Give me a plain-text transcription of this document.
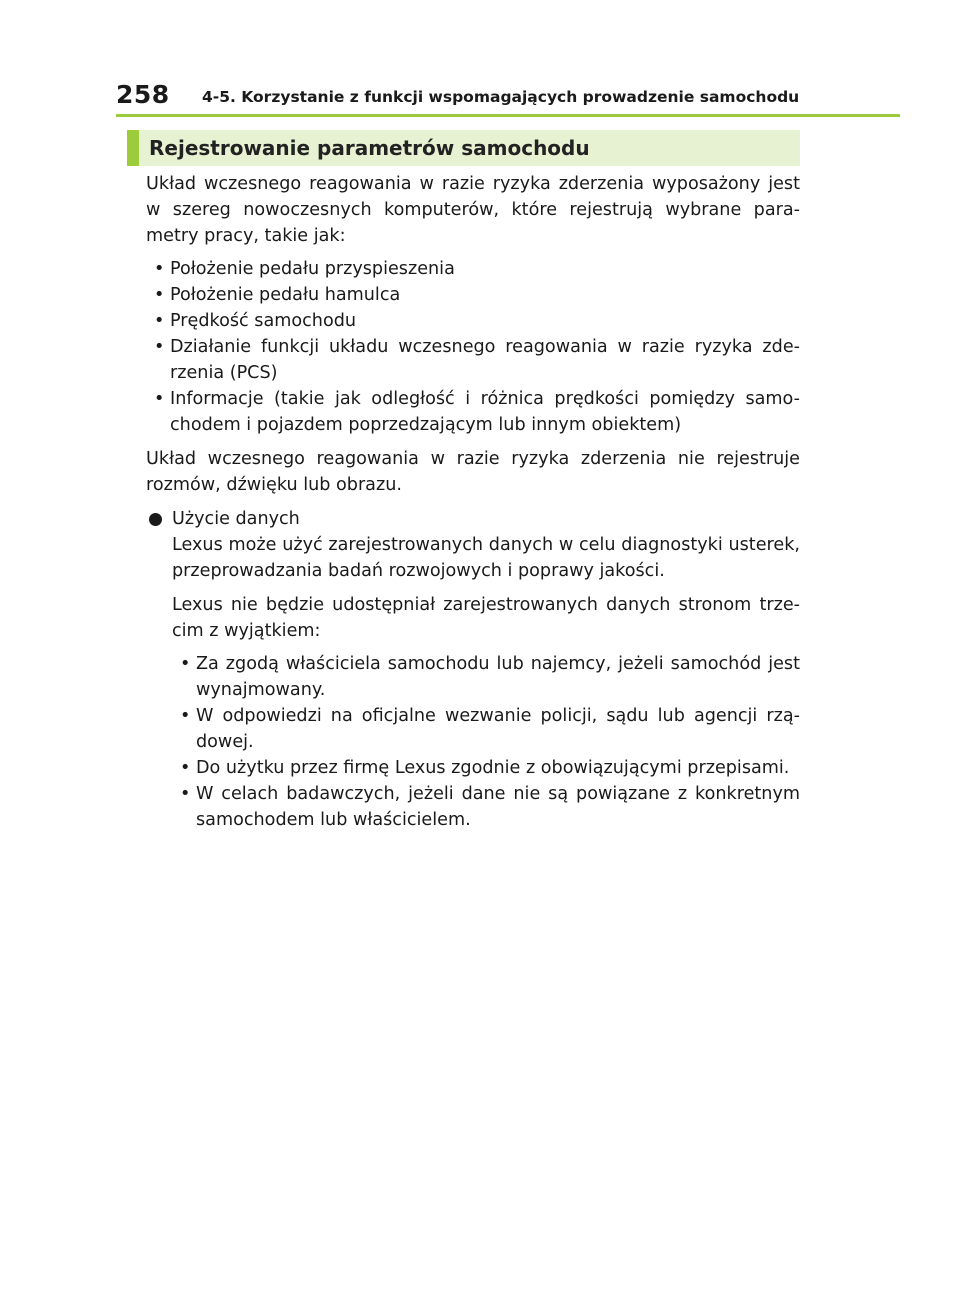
258 4-5. Korzystanie z funkcji wspomagających prowadzenie samochodu
Rejestrowanie parametrów samochodu

Układ wczesnego reagowania w razie ryzyka zderzenia wyposażony jest w szereg nowoczesnych komputerów, które rejestrują wybrane para-metry pracy, takie jak:

• Położenie pedału przyspieszenia
• Położenie pedału hamulca
• Prędkość samochodu
• Działanie funkcji układu wczesnego reagowania w razie ryzyka zde-rzenia (PCS)
• Informacje (takie jak odległość i różnica prędkości pomiędzy samo-chodem i pojazdem poprzedzającym lub innym obiektem)

Układ wczesnego reagowania w razie ryzyka zderzenia nie rejestruje rozmów, dźwięku lub obrazu.

Użycie danych

Lexus może użyć zarejestrowanych danych w celu diagnostyki usterek, przeprowadzania badań rozwojowych i poprawy jakości.

Lexus nie będzie udostępniał zarejestrowanych danych stronom trze-cim z wyjątkiem:

• Za zgodą właściciela samochodu lub najemcy, jeżeli samochód jest wynajmowany.
• W odpowiedzi na oficjalne wezwanie policji, sądu lub agencji rzą-dowej.
• Do użytku przez firmę Lexus zgodnie z obowiązującymi przepisami.
• W celach badawczych, jeżeli dane nie są powiązane z konkretnym samochodem lub właścicielem.
